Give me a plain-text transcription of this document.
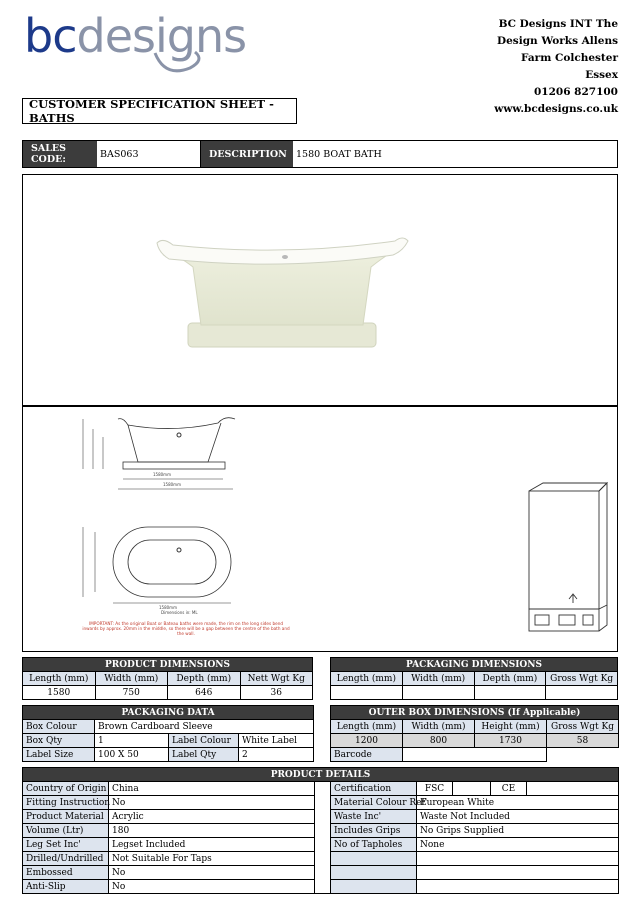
bcdesigns	BC Designs INT The
Design Works Allens
Farm Colchester
Essex
01206 827100
www.bcdesigns.co.uk
CUSTOMER SPECIFICATION SHEET - BATHS
SALES CODE:	BAS063	DESCRIPTION 1580 BOAT BATH
1580mm
1580mm
1580mm
Dimensions in: ML
IMPORTANT: As the original Boat or Bateau baths were made, the rim on the long sides bend inwards by approx. 20mm in the middle, so there will be a gap between the centre of the bath and the wall.
PRODUCT DIMENSIONS			
Length (mm)	Width (mm)	Depth (mm)	Nett Wgt Kg
1580	750	646	36
PACKAGING DIMENSIONS			
Length (mm)	Width (mm)	Depth (mm)	Gross Wgt Kg

PACKAGING DATA			
Box Colour	Brown Cardboard Sleeve		
Box Qty	1	Label Colour	White Label
Label Size	100 X 50	Label Qty	2
OUTER BOX DIMENSIONS (If Applicable)			
Length (mm)	Width (mm)	Height (mm)	Gross Wgt Kg
1200	800	1730	58
Barcode			
PRODUCT DETAILS							
Country of Origin	China		Certification	FSC		CE	
Fitting Instruction	No		Material Colour Ref'	European White			
Product Material	Acrylic		Waste Inc'	Waste Not Included			
Volume (Ltr)	180		Includes Grips	No Grips Supplied			
Leg Set Inc'	Legset Included		No of Tapholes	None			
Drilled/Undrilled	Not Suitable For Taps						
Embossed	No						
Anti-Slip	No						
